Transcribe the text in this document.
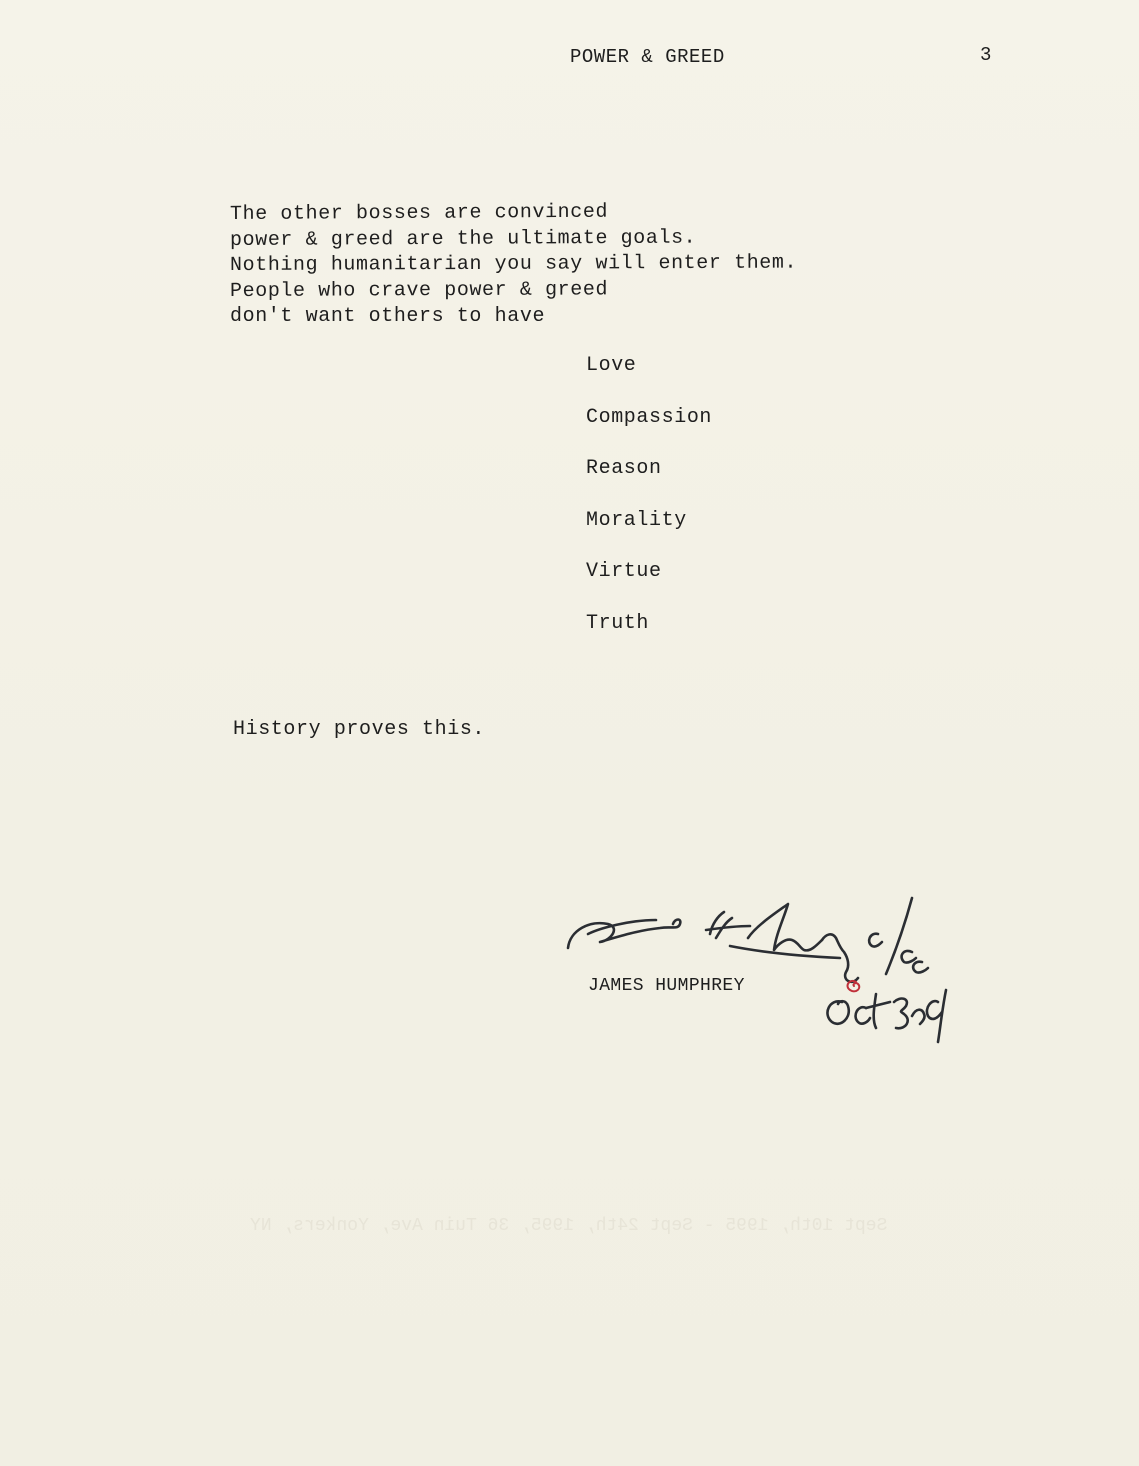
POWER & GREED	3
The other bosses are convinced
power & greed are the ultimate goals.
Nothing humanitarian you say will enter them.
People who crave power & greed
don't want others to have
Love
Compassion
Reason
Morality
Virtue
Truth
History proves this.
JAMES HUMPHREY
Sept 10th, 1995 - Sept 24th, 1995, 36 Tuin Ave, Yonkers, NY
